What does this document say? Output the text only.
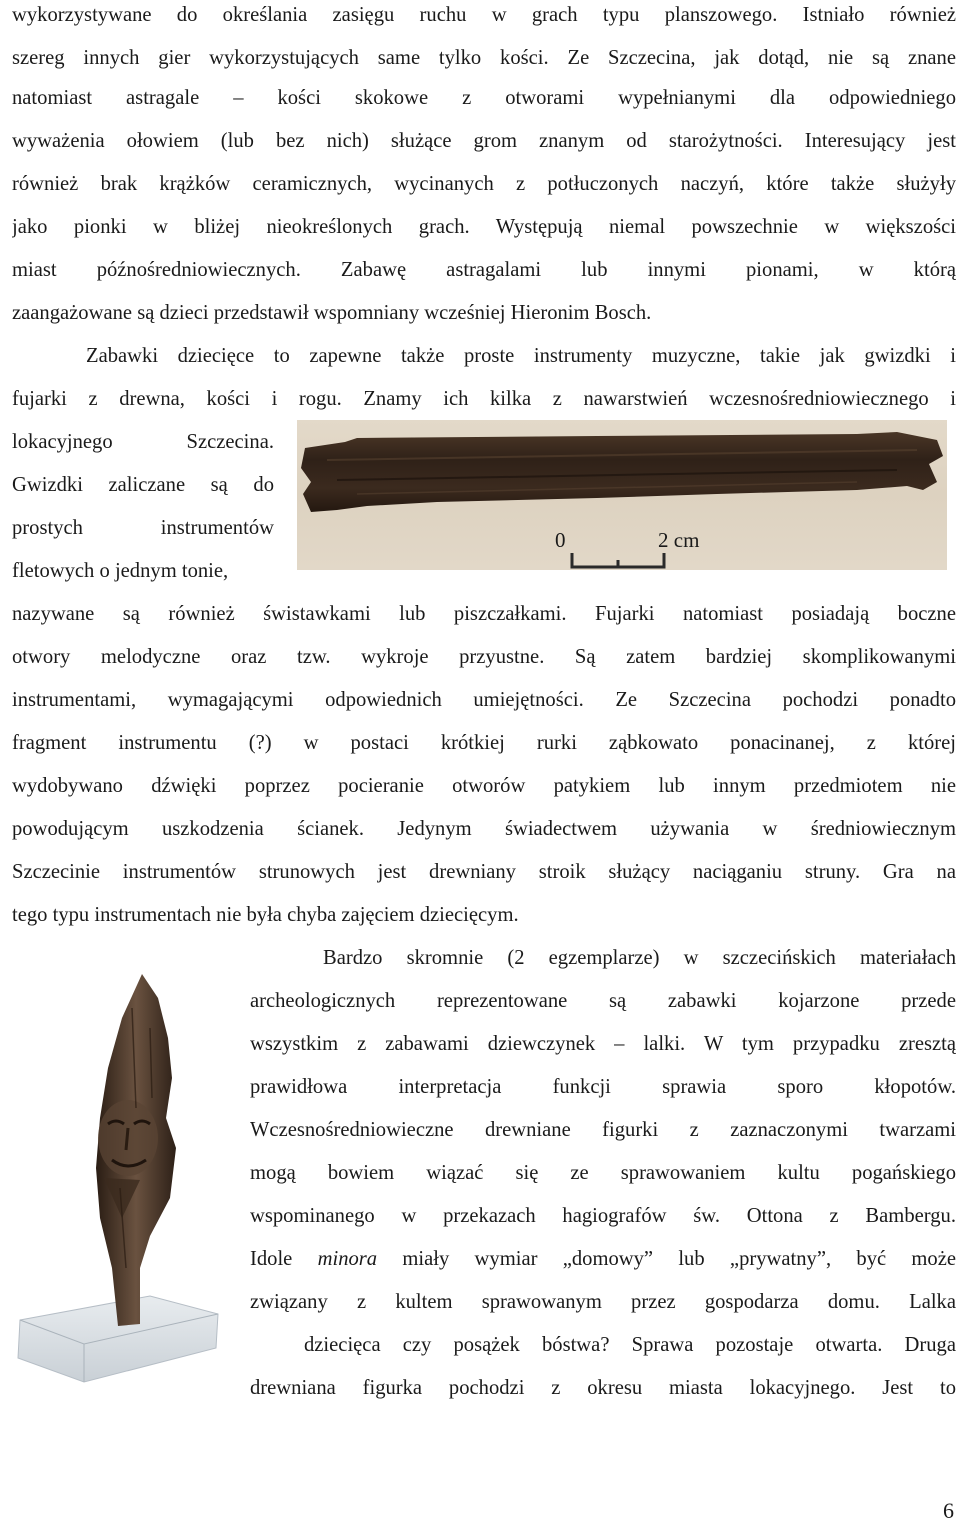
wykorzystywane do określania zasięgu ruchu w grach typu planszowego. Istniało również

szereg innych gier wykorzystujących same tylko kości. Ze Szczecina, jak dotąd, nie są znane

natomiast astragale – kości skokowe z otworami wypełnianymi dla odpowiedniego

wyważenia ołowiem (lub bez nich) służące grom znanym od starożytności. Interesujący jest

również brak krążków ceramicznych, wycinanych z potłuczonych naczyń, które także służyły

jako pionki w bliżej nieokreślonych grach. Występują niemal powszechnie w większości

miast późnośredniowiecznych. Zabawę astragalami lub innymi pionami, w którą

zaangażowane są dzieci przedstawił wspomniany wcześniej Hieronim Bosch.

Zabawki dziecięce to zapewne także proste instrumenty muzyczne, takie jak gwizdki i

fujarki z drewna, kości i rogu. Znamy ich kilka z nawarstwień wczesnośredniowiecznego i

lokacyjnego Szczecina.

Gwizdki zaliczane są do

prostych instrumentów

fletowych o jednym tonie,

0	2 cm

nazywane są również świstawkami lub piszczałkami. Fujarki natomiast posiadają boczne

otwory melodyczne oraz tzw. wykroje przyustne. Są zatem bardziej skomplikowanymi

instrumentami, wymagającymi odpowiednich umiejętności. Ze Szczecina pochodzi ponadto

fragment instrumentu (?) w postaci krótkiej rurki ząbkowato ponacinanej, z której

wydobywano dźwięki poprzez pocieranie otworów patykiem lub innym przedmiotem nie

powodującym uszkodzenia ścianek. Jedynym świadectwem używania w średniowiecznym

Szczecinie instrumentów strunowych jest drewniany stroik służący naciąganiu struny. Gra na

tego typu instrumentach nie była chyba zajęciem dziecięcym.

Bardzo skromnie (2 egzemplarze) w szczecińskich materiałach

archeologicznych reprezentowane są zabawki kojarzone przede

wszystkim z zabawami dziewczynek – lalki. W tym przypadku zresztą

prawidłowa interpretacja funkcji sprawia sporo kłopotów.

Wczesnośredniowieczne drewniane figurki z zaznaczonymi twarzami

mogą bowiem wiązać się ze sprawowaniem kultu pogańskiego

wspominanego w przekazach hagiografów św. Ottona z Bambergu.

Idole minora miały wymiar „domowy” lub „prywatny”, być może

związany z kultem sprawowanym przez gospodarza domu. Lalka

dziecięca czy posążek bóstwa? Sprawa pozostaje otwarta. Druga

drewniana figurka pochodzi z okresu miasta lokacyjnego. Jest to

6
